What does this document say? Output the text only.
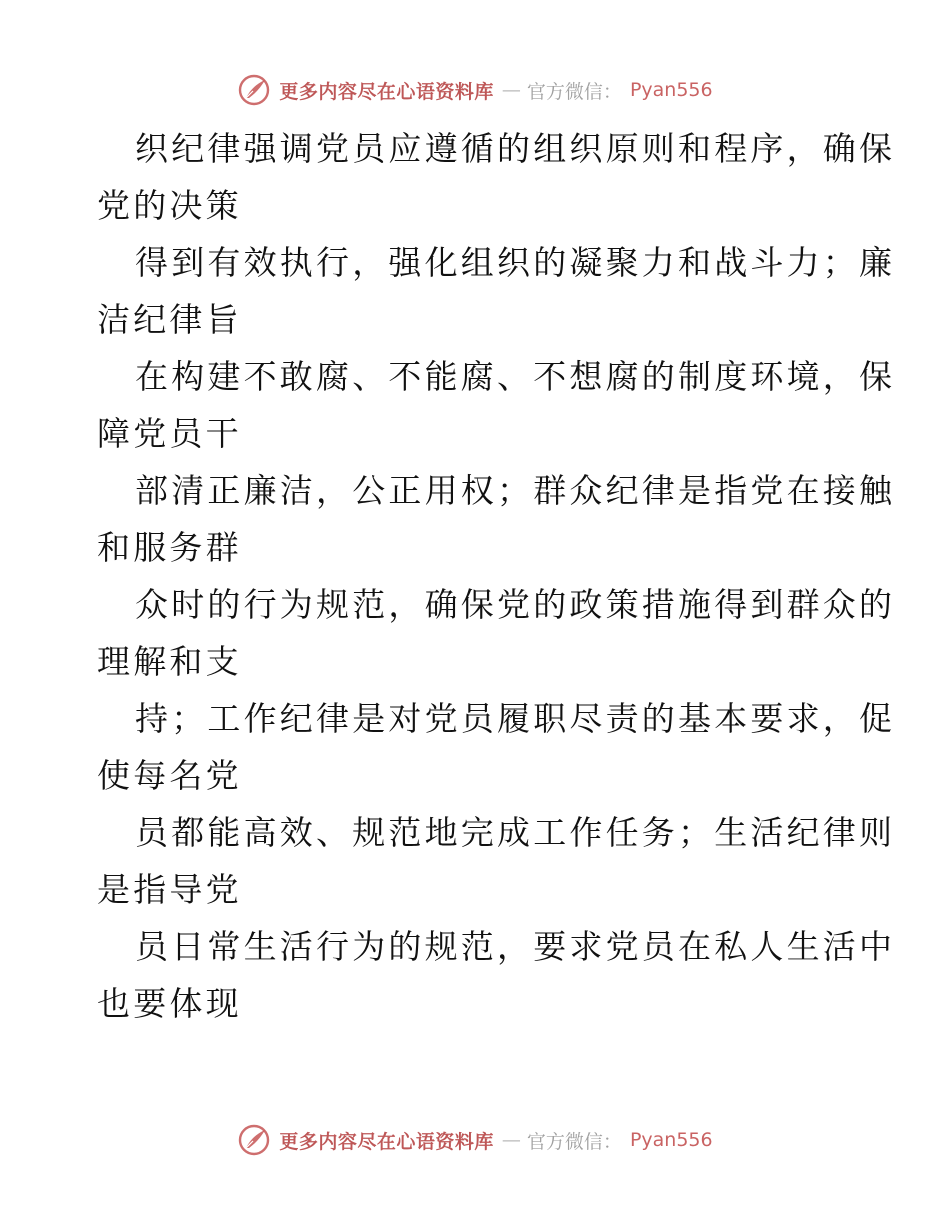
更多内容尽在心语资料库 — 官方微信： Pyan556

织纪律强调党员应遵循的组织原则和程序，确保
党的决策

得到有效执行，强化组织的凝聚力和战斗力；廉
洁纪律旨

在构建不敢腐、不能腐、不想腐的制度环境，保
障党员干

部清正廉洁，公正用权；群众纪律是指党在接触
和服务群

众时的行为规范，确保党的政策措施得到群众的
理解和支

持；工作纪律是对党员履职尽责的基本要求，促
使每名党

员都能高效、规范地完成工作任务；生活纪律则
是指导党

员日常生活行为的规范，要求党员在私人生活中
也要体现

更多内容尽在心语资料库 — 官方微信： Pyan556
